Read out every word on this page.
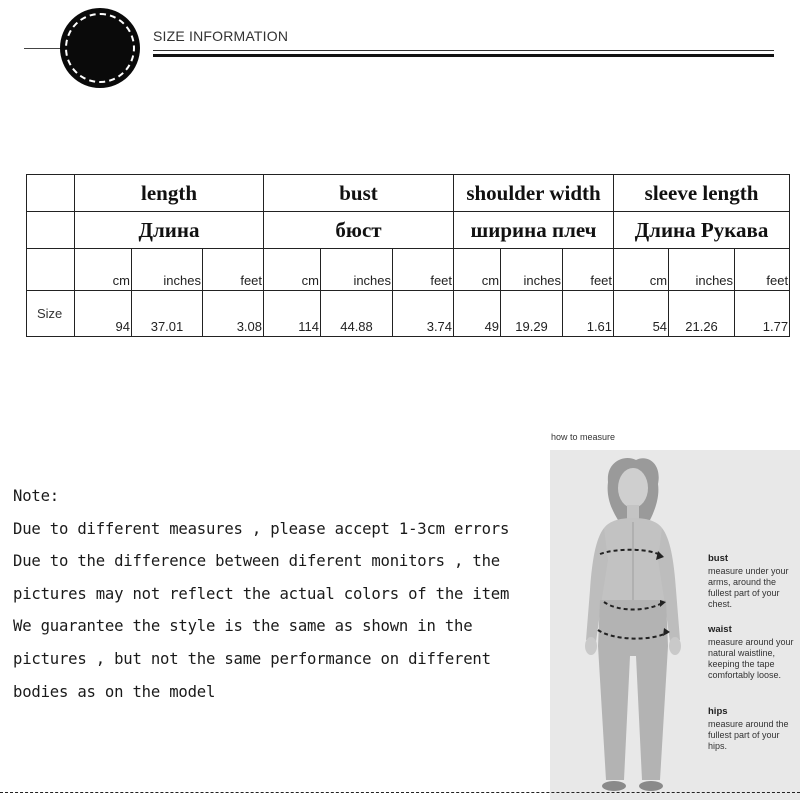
SIZE INFORMATION
	length			bust			shoulder width			sleeve length		
	Длина			бюст			ширина плеч			Длина Рукава		
	cm	inches	feet	cm	inches	feet	cm	inches	feet	cm	inches	feet
Size	94	37.01	3.08	114	44.88	3.74	49	19.29	1.61	54	21.26	1.77
Note:
Due to different measures , please accept 1-3cm errors
Due to the difference between diferent monitors , the
pictures may not reflect the actual colors of the item
We guarantee the style is the same as shown in the
pictures , but not the same performance on different
bodies as on the model
how to measure
bust
measure under your arms, around the fullest part of your chest.
waist
measure around your natural waistline, keeping the tape comfortably loose.
hips
measure around the fullest part of your hips.
